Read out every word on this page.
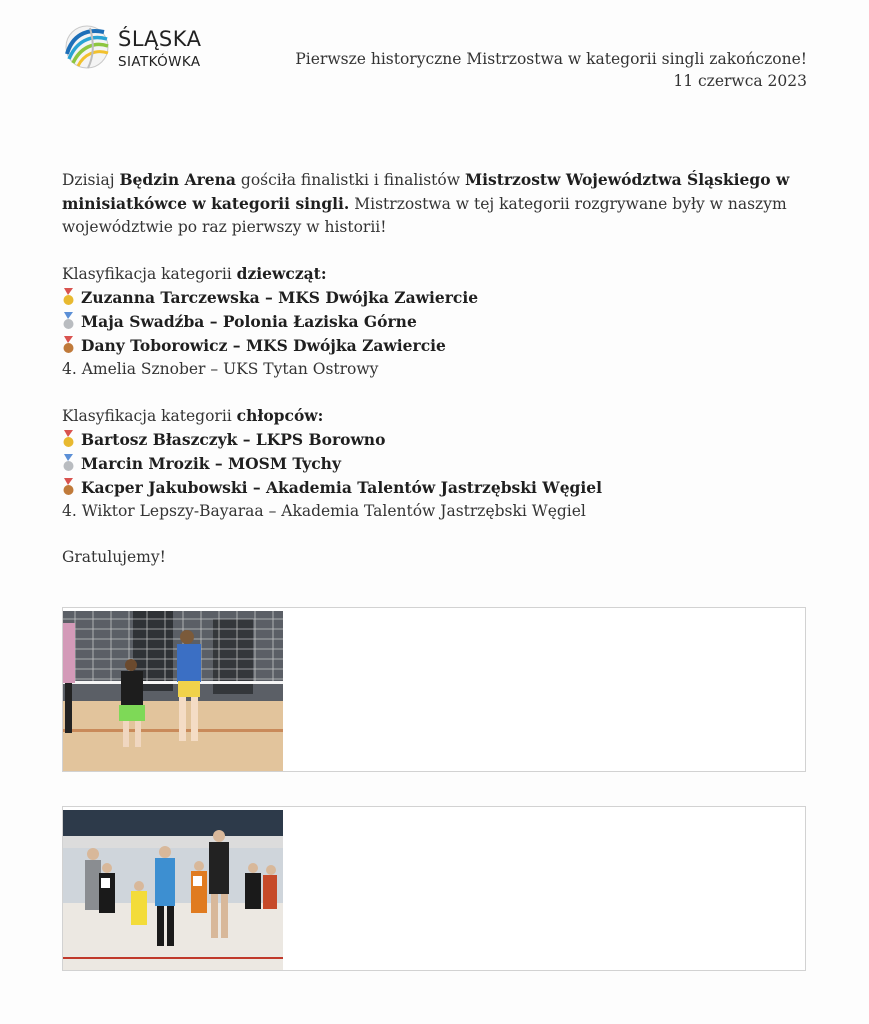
ŚLĄSKA
SIATKÓWKA	Pierwsze historyczne Mistrzostwa w kategorii singli zakończone!
11 czerwca 2023

Dzisiaj Będzin Arena gościła finalistki i finalistów Mistrzostw Województwa Śląskiego w minisiatkówce w kategorii singli. Mistrzostwa w tej kategorii rozgrywane były w naszym województwie po raz pierwszy w historii!

Klasyfikacja kategorii dziewcząt:

Zuzanna Tarczewska – MKS Dwójka Zawiercie

Maja Swadźba – Polonia Łaziska Górne

Dany Toborowicz – MKS Dwójka Zawiercie

4. Amelia Sznober – UKS Tytan Ostrowy

Klasyfikacja kategorii chłopców:

Bartosz Błaszczyk – LKPS Borowno

Marcin Mrozik – MOSM Tychy

Kacper Jakubowski – Akademia Talentów Jastrzębski Węgiel

4. Wiktor Lepszy-Bayaraa – Akademia Talentów Jastrzębski Węgiel

Gratulujemy!
